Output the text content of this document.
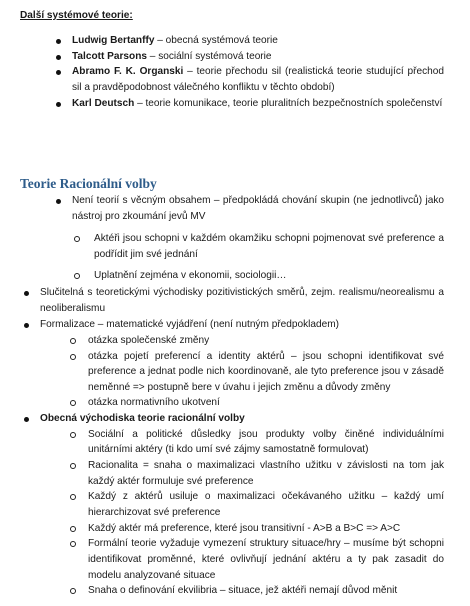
Další systémové teorie:
Ludwig Bertanffy – obecná systémová teorie
Talcott Parsons – sociální systémová teorie
Abramo F. K. Organski – teorie přechodu sil (realistická teorie studující přechod sil a pravděpodobnost válečného konfliktu v těchto období)
Karl Deutsch – teorie komunikace, teorie pluralitních bezpečnostních společenství
Teorie Racionální volby
Není teorií s věcným obsahem – předpokládá chování skupin (ne jednotlivců) jako nástroj pro zkoumání jevů MV
Aktéři jsou schopni v každém okamžiku schopni pojmenovat své preference a podřídit jim své jednání
Uplatnění zejména v ekonomii, sociologii…
Slučitelná s teoretickými východisky pozitivistických směrů, zejm. realismu/neorealismu a neoliberalismu
Formalizace – matematické vyjádření (není nutným předpokladem)
otázka společenské změny
otázka pojetí preferencí a identity aktérů – jsou schopni identifikovat své preference a jednat podle nich koordinovaně, ale tyto preference jsou v zásadě neměnné => postupně bere v úvahu i jejich změnu a důvody změny
otázka normativního ukotvení
Obecná východiska teorie racionální volby
Sociální a politické důsledky jsou produkty volby činěné individuálními unitárními aktéry (ti kdo umí své zájmy samostatně formulovat)
Racionalita = snaha o maximalizaci vlastního užitku v závislosti na tom jak každý aktér formuluje své preference
Každý z aktérů usiluje o maximalizaci očekávaného užitku – každý umí hierarchizovat své preference
Každý aktér má preference, které jsou transitivní - A>B a B>C => A>C
Formální teorie vyžaduje vymezení struktury situace/hry – musíme být schopni identifikovat proměnné, které ovlivňují jednání aktéru a ty pak zasadit do modelu analyzované situace
Snaha o definování ekvilibria – situace, jež aktéři nemají důvod měnit
